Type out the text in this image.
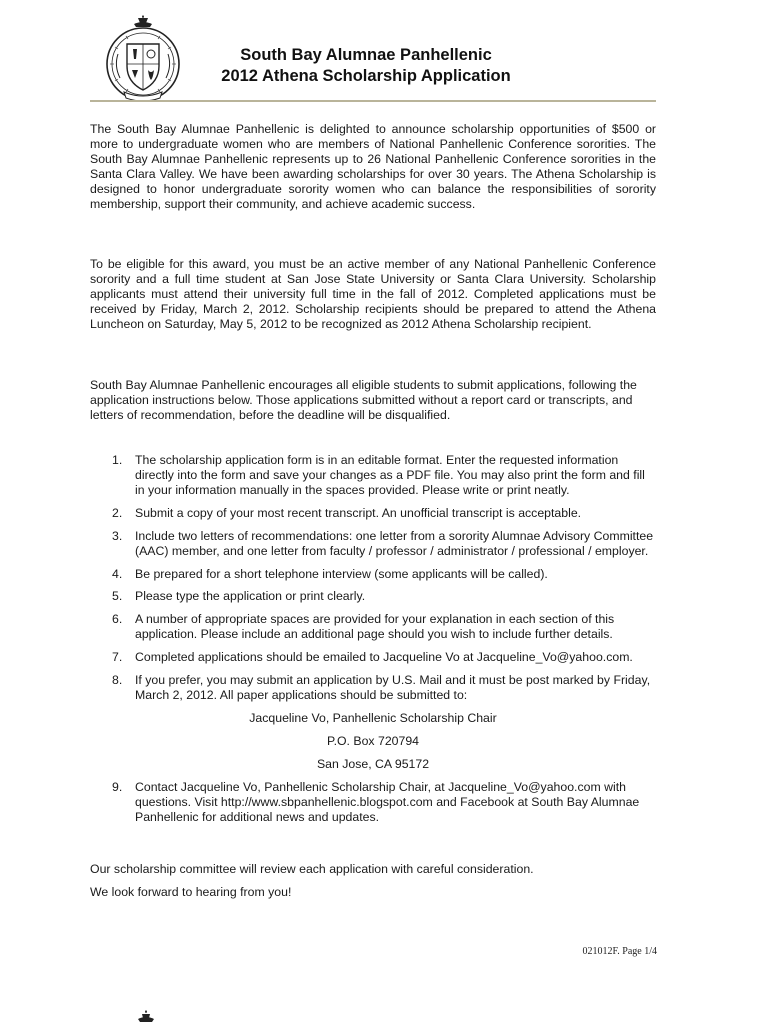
South Bay Alumnae Panhellenic
2012 Athena Scholarship Application

The South Bay Alumnae Panhellenic is delighted to announce scholarship opportunities of $500 or more to undergraduate women who are members of National Panhellenic Conference sororities. The South Bay Alumnae Panhellenic represents up to 26 National Panhellenic Conference sororities in the Santa Clara Valley. We have been awarding scholarships for over 30 years. The Athena Scholarship is designed to honor undergraduate sorority women who can balance the responsibilities of sorority membership, support their community, and achieve academic success.

To be eligible for this award, you must be an active member of any National Panhellenic Conference sorority and a full time student at San Jose State University or Santa Clara University. Scholarship applicants must attend their university full time in the fall of 2012. Completed applications must be received by Friday, March 2, 2012. Scholarship recipients should be prepared to attend the Athena Luncheon on Saturday, May 5, 2012 to be recognized as 2012 Athena Scholarship recipient.

South Bay Alumnae Panhellenic encourages all eligible students to submit applications, following the application instructions below. Those applications submitted without a report card or transcripts, and letters of recommendation, before the deadline will be disqualified.

1. The scholarship application form is in an editable format. Enter the requested information directly into the form and save your changes as a PDF file. You may also print the form and fill in your information manually in the spaces provided. Please write or print neatly.
2. Submit a copy of your most recent transcript. An unofficial transcript is acceptable.
3. Include two letters of recommendations: one letter from a sorority Alumnae Advisory Committee (AAC) member, and one letter from faculty / professor / administrator / professional / employer.
4. Be prepared for a short telephone interview (some applicants will be called).
5. Please type the application or print clearly.
6. A number of appropriate spaces are provided for your explanation in each section of this application. Please include an additional page should you wish to include further details.
7. Completed applications should be emailed to Jacqueline Vo at Jacqueline_Vo@yahoo.com.
8. If you prefer, you may submit an application by U.S. Mail and it must be post marked by Friday, March 2, 2012. All paper applications should be submitted to:
Jacqueline Vo, Panhellenic Scholarship Chair
P.O. Box 720794
San Jose, CA 95172
9. Contact Jacqueline Vo, Panhellenic Scholarship Chair, at Jacqueline_Vo@yahoo.com with questions. Visit http://www.sbpanhellenic.blogspot.com and Facebook at South Bay Alumnae Panhellenic for additional news and updates.
Our scholarship committee will review each application with careful consideration.
We look forward to hearing from you!
021012F. Page 1/4
